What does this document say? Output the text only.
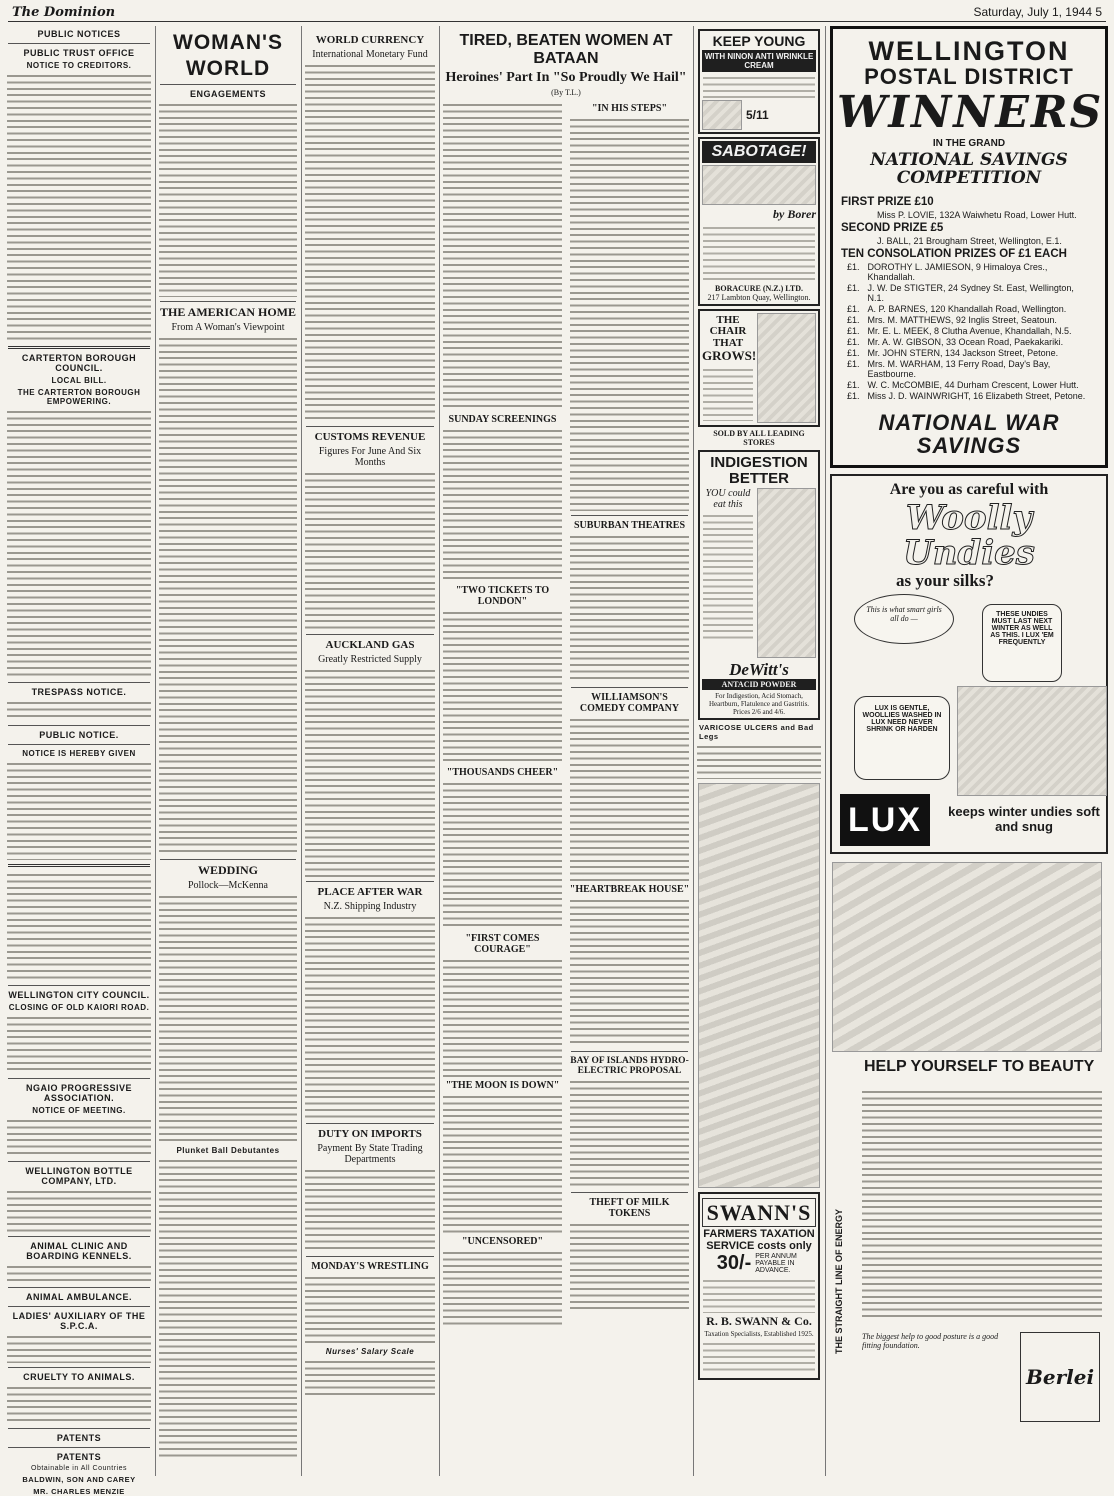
The Dominion	Saturday, July 1, 1944 5
PUBLIC NOTICES
PUBLIC TRUST OFFICE
NOTICE TO CREDITORS.
CARTERTON BOROUGH COUNCIL.
LOCAL BILL.
THE CARTERTON BOROUGH EMPOWERING.
TRESPASS NOTICE.
PUBLIC NOTICE.
NOTICE IS HEREBY GIVEN
WELLINGTON CITY COUNCIL.
CLOSING OF OLD KAIORI ROAD.
NGAIO PROGRESSIVE ASSOCIATION.
NOTICE OF MEETING.
WELLINGTON BOTTLE COMPANY, LTD.
ANIMAL CLINIC AND BOARDING KENNELS.
ANIMAL AMBULANCE.
LADIES' AUXILIARY OF THE S.P.C.A.
CRUELTY TO ANIMALS.
PATENTS
PATENTS
Obtainable in All Countries
BALDWIN, SON AND CAREY
MR. CHARLES MENZIE
WOMAN'S
WORLD
ENGAGEMENTS
THE AMERICAN HOME
From A Woman's Viewpoint
WEDDING
Pollock—McKenna
Plunket Ball Debutantes
WORLD CURRENCY
International Monetary Fund
CUSTOMS REVENUE
Figures For June And Six Months
AUCKLAND GAS
Greatly Restricted Supply
PLACE AFTER WAR
N.Z. Shipping Industry
DUTY ON IMPORTS
Payment By State Trading Departments
MONDAY'S WRESTLING
Nurses' Salary Scale
TIRED, BEATEN WOMEN AT BATAAN
Heroines' Part In "So Proudly We Hail"
(By T.L.)
SUNDAY SCREENINGS
"TWO TICKETS TO LONDON"
"THOUSANDS CHEER"
"FIRST COMES COURAGE"
"THE MOON IS DOWN"
"UNCENSORED"
"IN HIS STEPS"
SUBURBAN THEATRES
WILLIAMSON'S COMEDY COMPANY
"HEARTBREAK HOUSE"
BAY OF ISLANDS HYDRO-ELECTRIC PROPOSAL
THEFT OF MILK TOKENS
KEEP YOUNG
WITH NINON ANTI WRINKLE CREAM
5/11
SABOTAGE!
by Borer
BORACURE (N.Z.) LTD.
217 Lambton Quay, Wellington.
THE CHAIR
THAT
GROWS!
SOLD BY ALL LEADING STORES
INDIGESTION
BETTER
YOU could eat this
DeWitt's
ANTACID POWDER
For Indigestion, Acid Stomach, Heartburn, Flatulence and Gastritis. Prices 2/6 and 4/6.
VARICOSE ULCERS and Bad Legs
SWANN'S
FARMERS TAXATION
SERVICE costs only
30/- PER ANNUM PAYABLE IN ADVANCE.
R. B. SWANN & Co.
Taxation Specialists, Established 1925.
WELLINGTON
POSTAL DISTRICT
WINNERS
IN THE GRAND
NATIONAL SAVINGS COMPETITION
FIRST PRIZE £10
Miss P. LOVIE, 132A Waiwhetu Road, Lower Hutt.
SECOND PRIZE £5
J. BALL, 21 Brougham Street, Wellington, E.1.
TEN CONSOLATION PRIZES OF £1 EACH
£1. DOROTHY L. JAMIESON, 9 Himaloya Cres., Khandallah.
£1. J. W. De STIGTER, 24 Sydney St. East, Wellington, N.1.
£1. A. P. BARNES, 120 Khandallah Road, Wellington.
£1. Mrs. M. MATTHEWS, 92 Inglis Street, Seatoun.
£1. Mr. E. L. MEEK, 8 Clutha Avenue, Khandallah, N.5.
£1. Mr. A. W. GIBSON, 33 Ocean Road, Paekakariki.
£1. Mr. JOHN STERN, 134 Jackson Street, Petone.
£1. Mrs. M. WARHAM, 13 Ferry Road, Day's Bay, Eastbourne.
£1. W. C. McCOMBIE, 44 Durham Crescent, Lower Hutt.
£1. Miss J. D. WAINWRIGHT, 16 Elizabeth Street, Petone.
NATIONAL WAR SAVINGS
Are you as careful with
Woolly Undies
as your silks?
This is what smart girls all do —	THESE UNDIES MUST LAST NEXT WINTER AS WELL AS THIS. I LUX 'EM FREQUENTLY
LUX IS GENTLE, WOOLLIES WASHED IN LUX NEED NEVER SHRINK OR HARDEN
LUX	keeps winter undies soft and snug
THE STRAIGHT LINE OF ENERGY
HELP YOURSELF TO BEAUTY
The biggest help to good posture is a good fitting foundation.
Berlei
